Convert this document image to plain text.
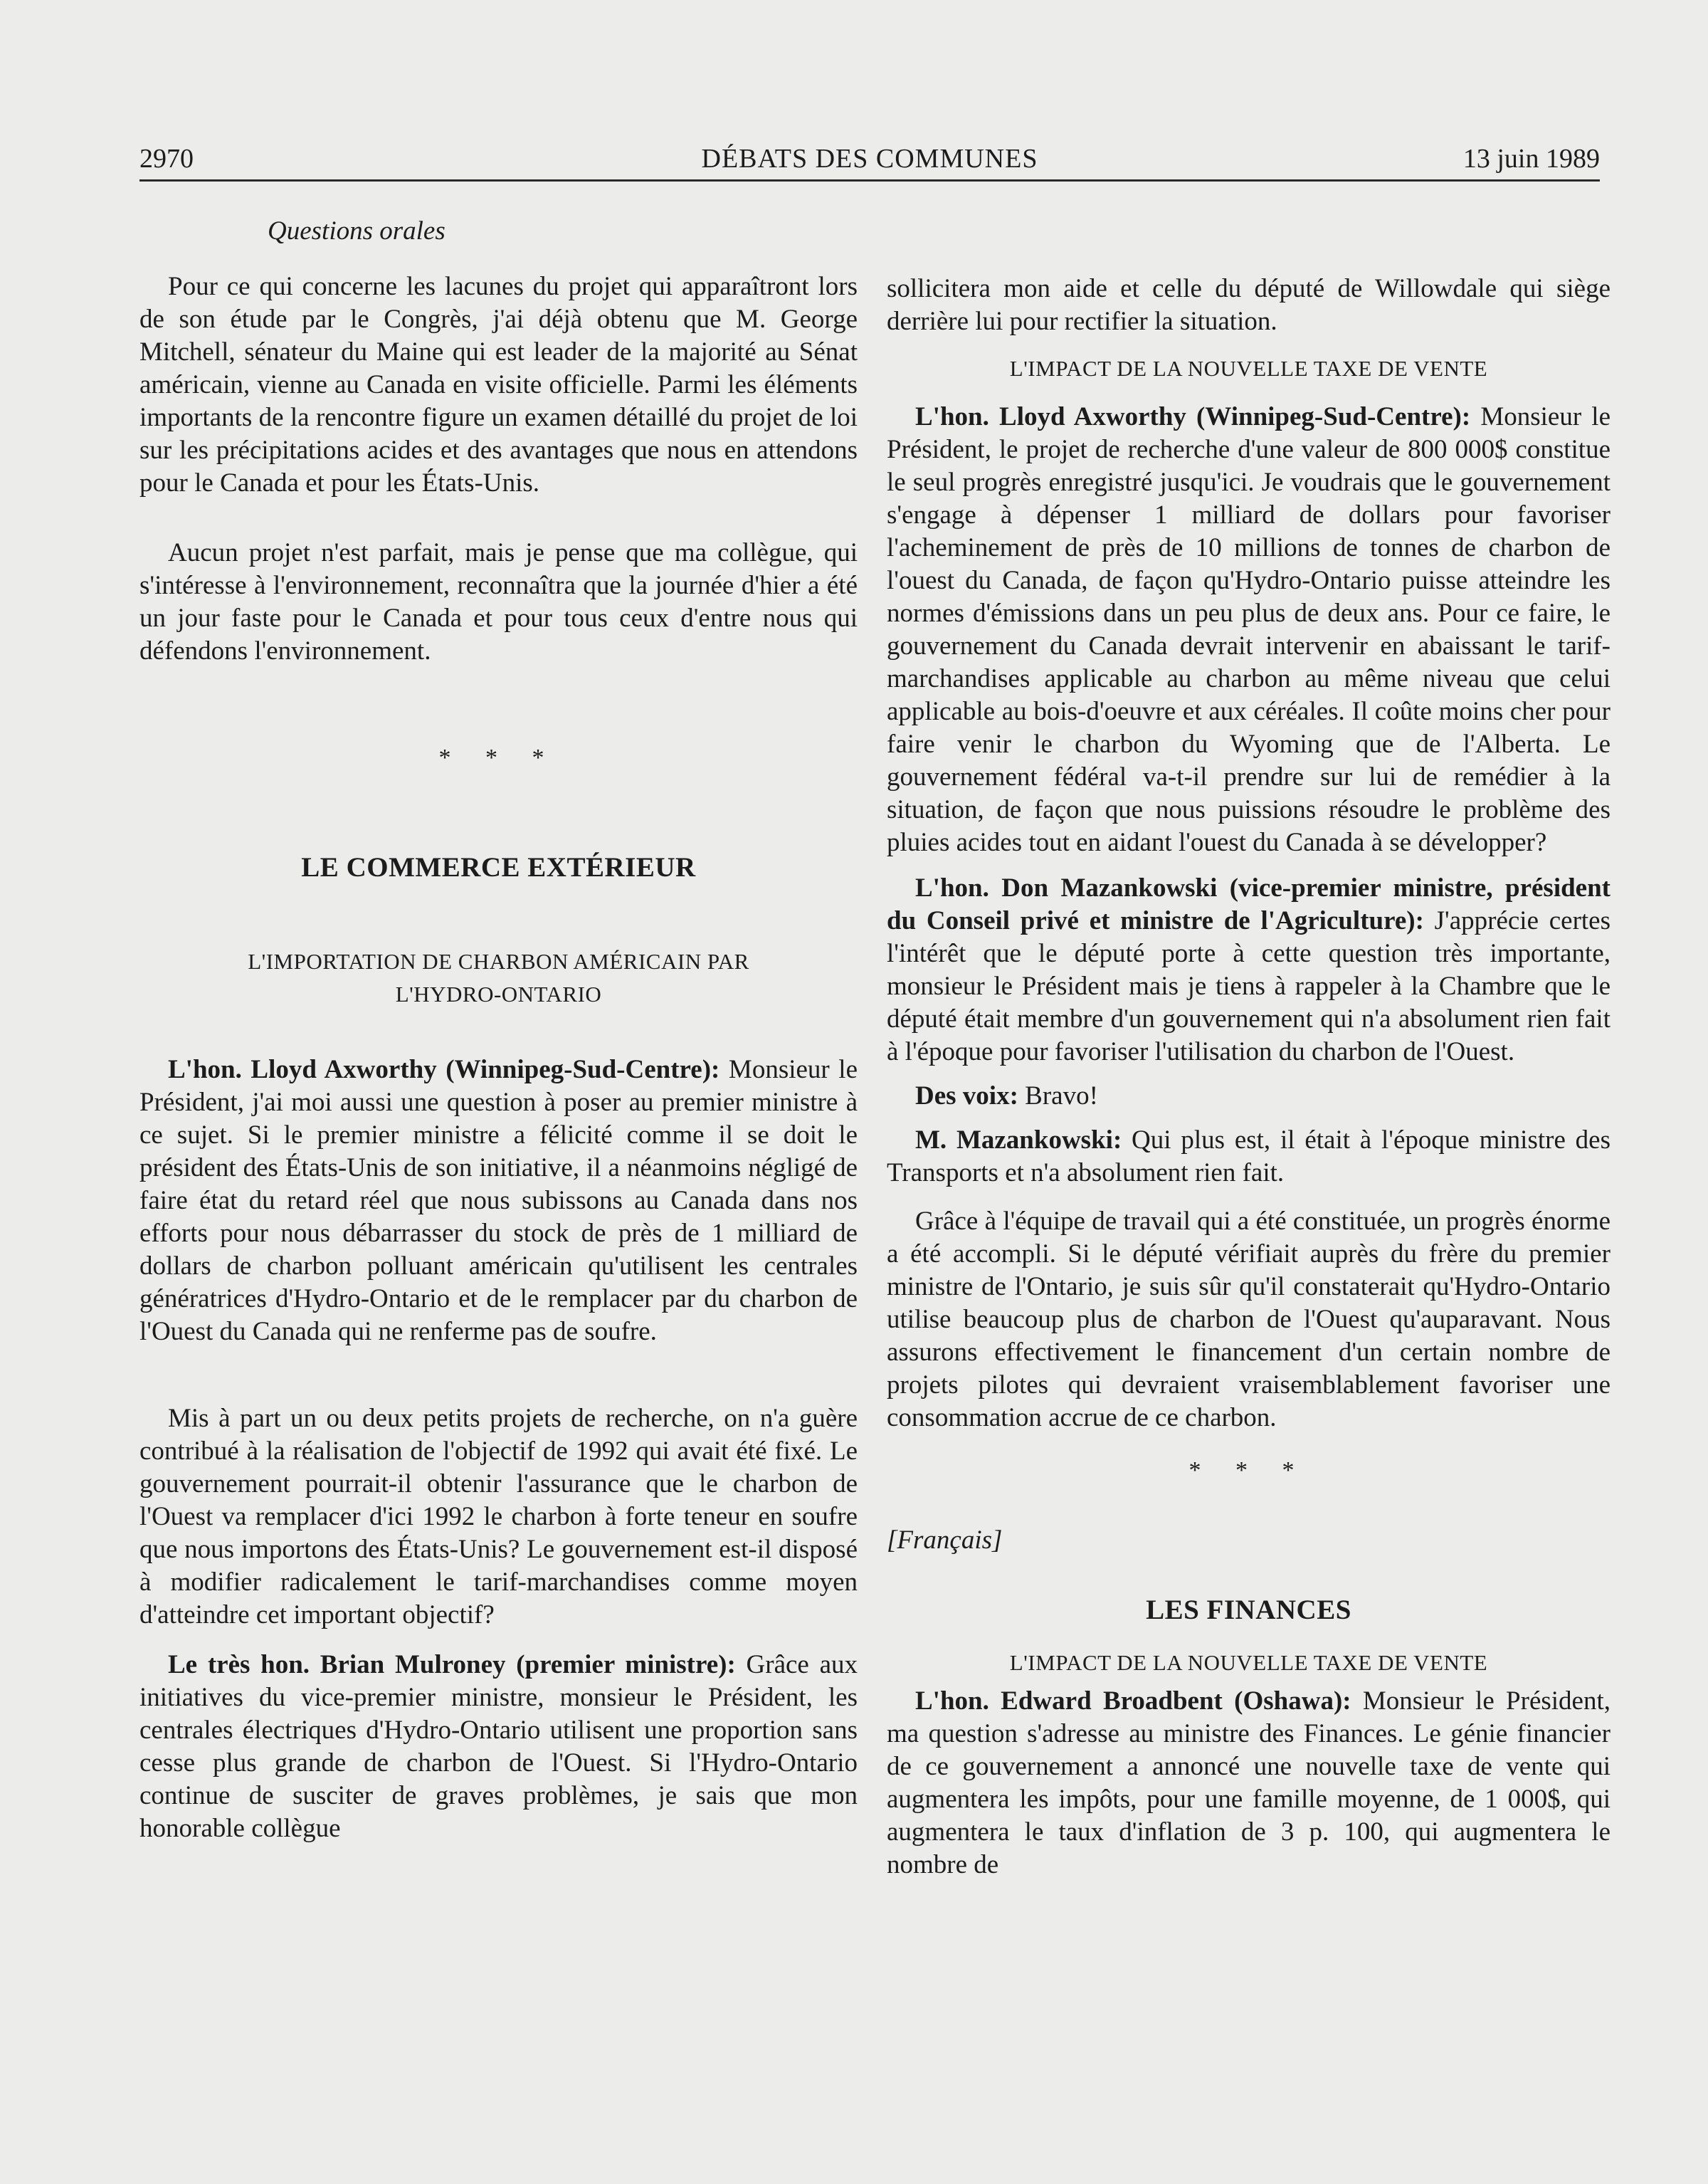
2970	DÉBATS DES COMMUNES	13 juin 1989

Questions orales

Pour ce qui concerne les lacunes du projet qui apparaîtront lors de son étude par le Congrès, j'ai déjà obtenu que M. George Mitchell, sénateur du Maine qui est leader de la majorité au Sénat américain, vienne au Canada en visite officielle. Parmi les éléments importants de la rencontre figure un examen détaillé du projet de loi sur les précipitations acides et des avantages que nous en attendons pour le Canada et pour les États-Unis.

Aucun projet n'est parfait, mais je pense que ma collègue, qui s'intéresse à l'environnement, reconnaîtra que la journée d'hier a été un jour faste pour le Canada et pour tous ceux d'entre nous qui défendons l'environnement.

* * *

LE COMMERCE EXTÉRIEUR

L'IMPORTATION DE CHARBON AMÉRICAIN PAR

L'HYDRO-ONTARIO

L'hon. Lloyd Axworthy (Winnipeg-Sud-Centre): Monsieur le Président, j'ai moi aussi une question à poser au premier ministre à ce sujet. Si le premier ministre a félicité comme il se doit le président des États-Unis de son initiative, il a néanmoins négligé de faire état du retard réel que nous subissons au Canada dans nos efforts pour nous débarrasser du stock de près de 1 milliard de dollars de charbon polluant américain qu'utilisent les centrales génératrices d'Hydro-Ontario et de le remplacer par du charbon de l'Ouest du Canada qui ne renferme pas de soufre.

Mis à part un ou deux petits projets de recherche, on n'a guère contribué à la réalisation de l'objectif de 1992 qui avait été fixé. Le gouvernement pourrait-il obtenir l'assurance que le charbon de l'Ouest va remplacer d'ici 1992 le charbon à forte teneur en soufre que nous importons des États-Unis? Le gouvernement est-il disposé à modifier radicalement le tarif-marchandises comme moyen d'atteindre cet important objectif?

Le très hon. Brian Mulroney (premier ministre): Grâce aux initiatives du vice-premier ministre, monsieur le Président, les centrales électriques d'Hydro-Ontario utilisent une proportion sans cesse plus grande de charbon de l'Ouest. Si l'Hydro-Ontario continue de susciter de graves problèmes, je sais que mon honorable collègue

sollicitera mon aide et celle du député de Willowdale qui siège derrière lui pour rectifier la situation.

L'IMPACT DE LA NOUVELLE TAXE DE VENTE

L'hon. Lloyd Axworthy (Winnipeg-Sud-Centre): Monsieur le Président, le projet de recherche d'une valeur de 800 000$ constitue le seul progrès enregistré jusqu'ici. Je voudrais que le gouvernement s'engage à dépenser 1 milliard de dollars pour favoriser l'acheminement de près de 10 millions de tonnes de charbon de l'ouest du Canada, de façon qu'Hydro-Ontario puisse atteindre les normes d'émissions dans un peu plus de deux ans. Pour ce faire, le gouvernement du Canada devrait intervenir en abaissant le tarif-marchandises applicable au charbon au même niveau que celui applicable au bois-d'oeuvre et aux céréales. Il coûte moins cher pour faire venir le charbon du Wyoming que de l'Alberta. Le gouvernement fédéral va-t-il prendre sur lui de remédier à la situation, de façon que nous puissions résoudre le problème des pluies acides tout en aidant l'ouest du Canada à se développer?

L'hon. Don Mazankowski (vice-premier ministre, président du Conseil privé et ministre de l'Agriculture): J'apprécie certes l'intérêt que le député porte à cette question très importante, monsieur le Président mais je tiens à rappeler à la Chambre que le député était membre d'un gouvernement qui n'a absolument rien fait à l'époque pour favoriser l'utilisation du charbon de l'Ouest.

Des voix: Bravo!

M. Mazankowski: Qui plus est, il était à l'époque ministre des Transports et n'a absolument rien fait.

Grâce à l'équipe de travail qui a été constituée, un progrès énorme a été accompli. Si le député vérifiait auprès du frère du premier ministre de l'Ontario, je suis sûr qu'il constaterait qu'Hydro-Ontario utilise beaucoup plus de charbon de l'Ouest qu'auparavant. Nous assurons effectivement le financement d'un certain nombre de projets pilotes qui devraient vraisemblablement favoriser une consommation accrue de ce charbon.

* * *

[Français]

LES FINANCES

L'IMPACT DE LA NOUVELLE TAXE DE VENTE

L'hon. Edward Broadbent (Oshawa): Monsieur le Président, ma question s'adresse au ministre des Finances. Le génie financier de ce gouvernement a annoncé une nouvelle taxe de vente qui augmentera les impôts, pour une famille moyenne, de 1 000$, qui augmentera le taux d'inflation de 3 p. 100, qui augmentera le nombre de
